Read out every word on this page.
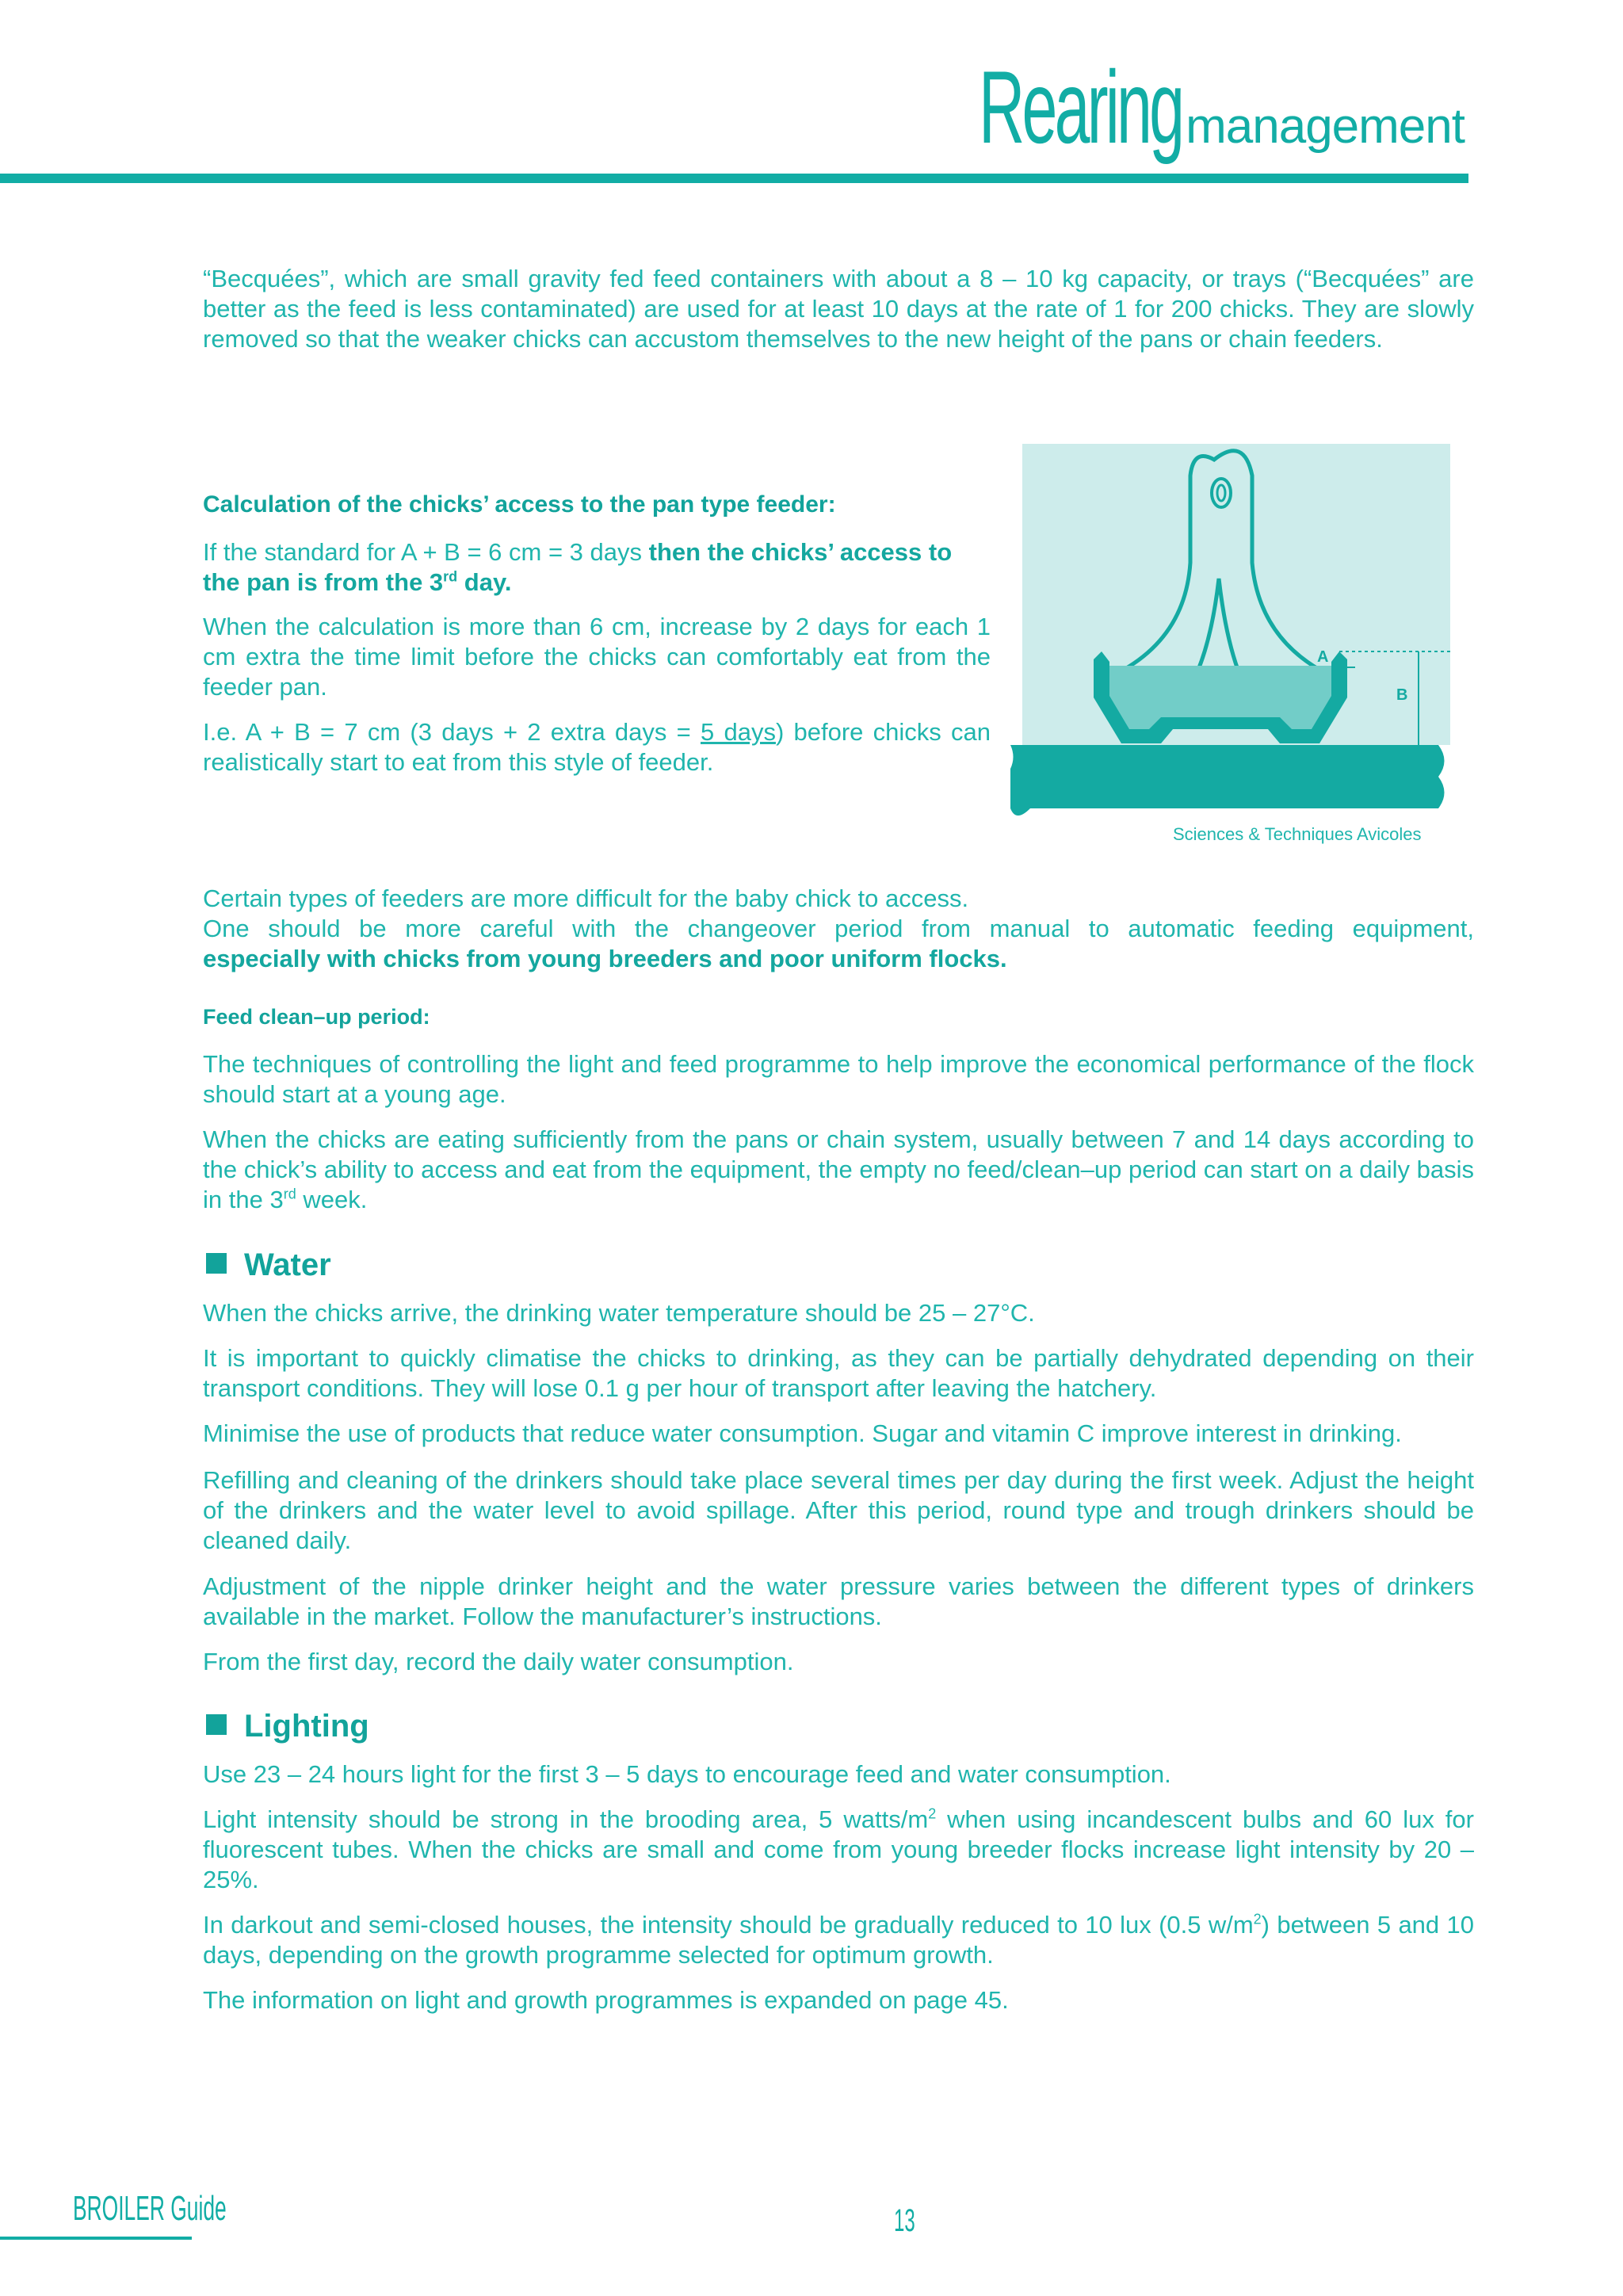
Rearing management
“Becquées”, which are small gravity fed feed containers with about a 8 – 10 kg capacity, or trays (“Becquées” are better as the feed is less contaminated) are used for at least 10 days at the rate of 1 for 200 chicks. They are slowly removed so that the weaker chicks can accustom themselves to the new height of the pans or chain feeders.
Calculation of the chicks’ access to the pan type feeder:
If the standard for A + B = 6 cm = 3 days then the chicks’ access to the pan is from the 3rd day.
When the calculation is more than 6 cm, increase by 2 days for each 1 cm extra the time limit before the chicks can comfortably eat from the feeder pan.
I.e. A + B = 7 cm (3 days + 2 extra days = 5 days) before chicks can realistically start to eat from this style of feeder.
A
B
Sciences & Techniques Avicoles
Certain types of feeders are more difficult for the baby chick to access.
One should be more careful with the changeover period from manual to automatic feeding equipment,
especially with chicks from young breeders and poor uniform flocks.
Feed clean–up period:
The techniques of controlling the light and feed programme to help improve the economical performance of the flock should start at a young age.
When the chicks are eating sufficiently from the pans or chain system, usually between 7 and 14 days according to the chick’s ability to access and eat from the equipment, the empty no feed/clean–up period can start on a daily basis in the 3rd week.
Water
When the chicks arrive, the drinking water temperature should be 25 – 27°C.
It is important to quickly climatise the chicks to drinking, as they can be partially dehydrated depending on their transport conditions. They will lose 0.1 g per hour of transport after leaving the hatchery.
Minimise the use of products that reduce water consumption. Sugar and vitamin C improve interest in drinking.
Refilling and cleaning of the drinkers should take place several times per day during the first week. Adjust the height of the drinkers and the water level to avoid spillage. After this period, round type and trough drinkers should be cleaned daily.
Adjustment of the nipple drinker height and the water pressure varies between the different types of drinkers available in the market. Follow the manufacturer’s instructions.
From the first day, record the daily water consumption.
Lighting
Use 23 – 24 hours light for the first 3 – 5 days to encourage feed and water consumption.
Light intensity should be strong in the brooding area, 5 watts/$m^2$ when using incandescent bulbs and 60 lux for fluorescent tubes. When the chicks are small and come from young breeder flocks increase light intensity by 20 – 25%.
In darkout and semi-closed houses, the intensity should be gradually reduced to 10 lux (0.5 $w/m^2$) between 5 and 10 days, depending on the growth programme selected for optimum growth.
The information on light and growth programmes is expanded on page 45.
BROILER Guide	13
